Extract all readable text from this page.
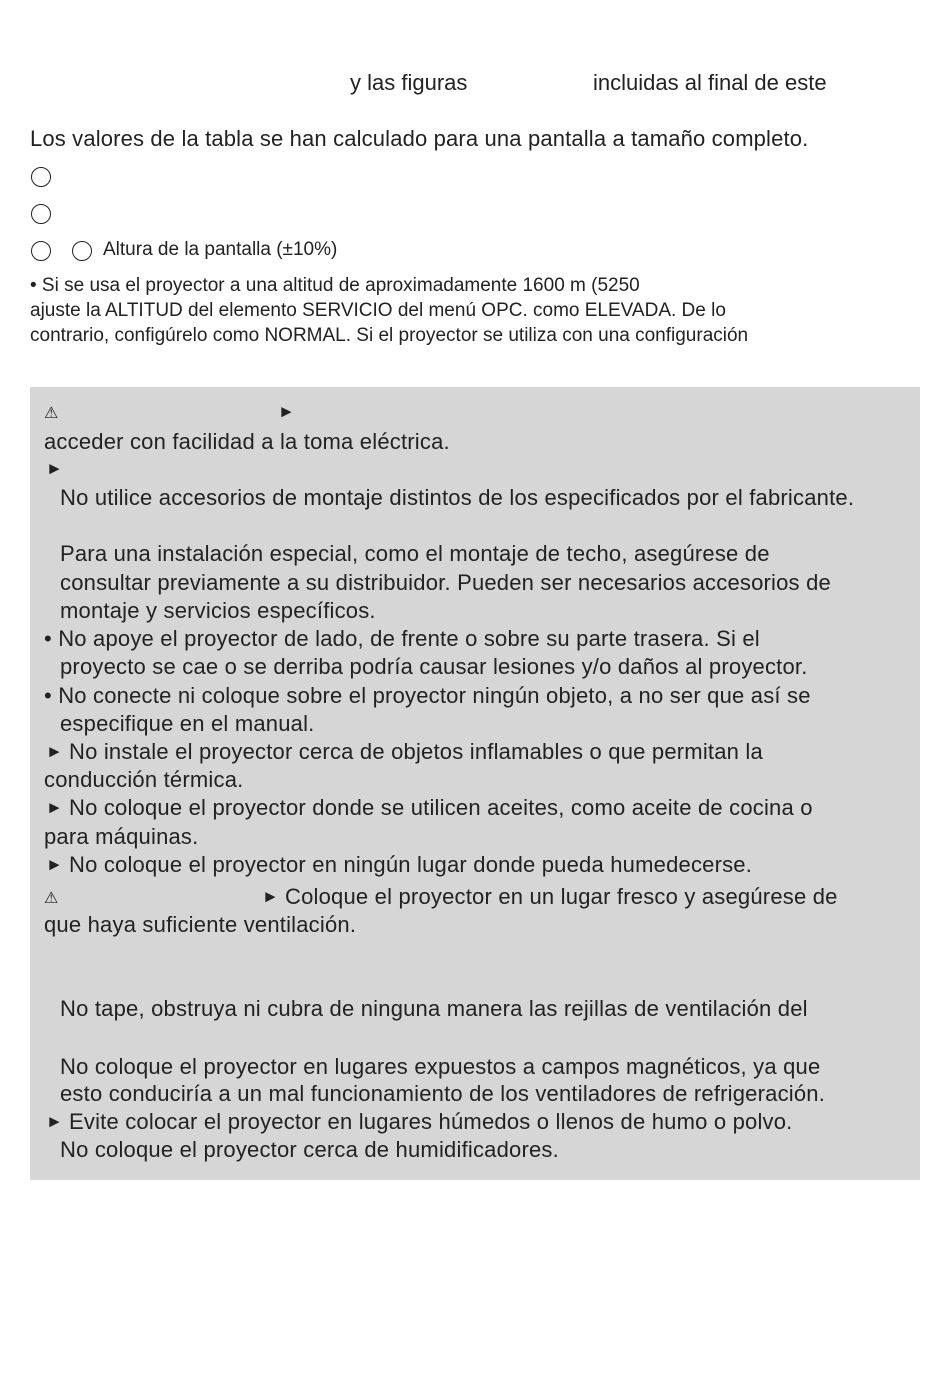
y las figuras	incluidas al final de este
Los valores de la tabla se han calculado para una pantalla a tamaño completo.
Altura de la pantalla (±10%)
• Si se usa el proyector a una altitud de aproximadamente 1600 m (5250
ajuste la ALTITUD del elemento SERVICIO del menú OPC. como ELEVADA. De lo
contrario, configúrelo como NORMAL. Si el proyector se utiliza con una configuración
⚠	►
acceder con facilidad a la toma eléctrica.
►
No utilice accesorios de montaje distintos de los especificados por el fabricante.
Para una instalación especial, como el montaje de techo, asegúrese de
consultar previamente a su distribuidor. Pueden ser necesarios accesorios de
montaje y servicios específicos.
• No apoye el proyector de lado, de frente o sobre su parte trasera. Si el
proyecto se cae o se derriba podría causar lesiones y/o daños al proyector.
• No conecte ni coloque sobre el proyector ningún objeto, a no ser que así se
especifique en el manual.
► No instale el proyector cerca de objetos inflamables o que permitan la
conducción térmica.
► No coloque el proyector donde se utilicen aceites, como aceite de cocina o
para máquinas.
► No coloque el proyector en ningún lugar donde pueda humedecerse.
⚠	► Coloque el proyector en un lugar fresco y asegúrese de
que haya suficiente ventilación.
No tape, obstruya ni cubra de ninguna manera las rejillas de ventilación del
No coloque el proyector en lugares expuestos a campos magnéticos, ya que
esto conduciría a un mal funcionamiento de los ventiladores de refrigeración.
► Evite colocar el proyector en lugares húmedos o llenos de humo o polvo.
No coloque el proyector cerca de humidificadores.
